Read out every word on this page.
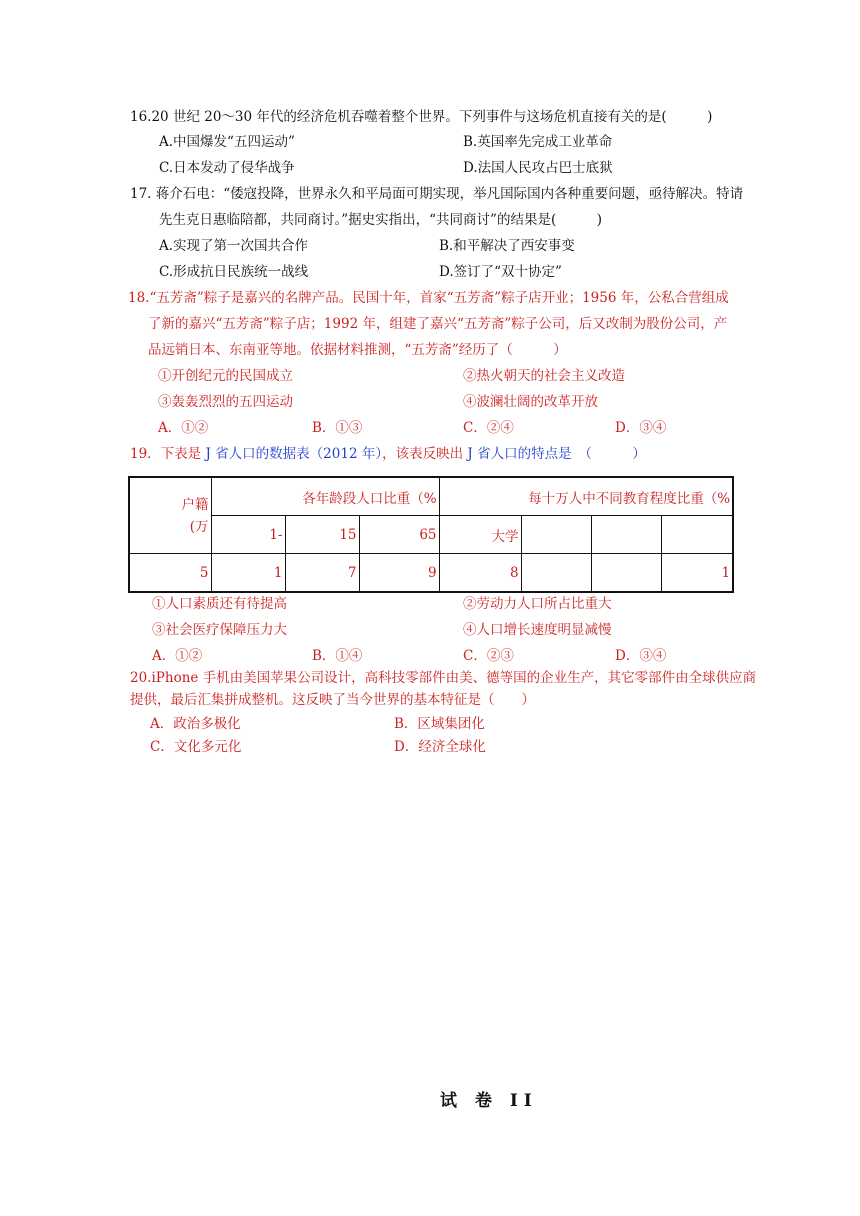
16.20 世纪 20～30 年代的经济危机吞噬着整个世界。下列事件与这场危机直接有关的是(　　　)
A.中国爆发“五四运动”	B.英国率先完成工业革命
C.日本发动了侵华战争	D.法国人民攻占巴士底狱
17. 蒋介石电：“倭寇投降，世界永久和平局面可期实现，举凡国际国内各种重要问题，亟待解决。特请
先生克日惠临陪都，共同商讨。”据史实指出，“共同商讨”的结果是(　　　)
A.实现了第一次国共合作	B.和平解决了西安事变
C.形成抗日民族统一战线	D.签订了“双十协定”
18.“五芳斋”粽子是嘉兴的名牌产品。民国十年，首家“五芳斋”粽子店开业；1956 年，公私合营组成
了新的嘉兴“五芳斋”粽子店；1992 年，组建了嘉兴“五芳斋”粽子公司，后又改制为股份公司，产
品远销日本、东南亚等地。依据材料推测，“五芳斋”经历了（　　　）
①开创纪元的民国成立	②热火朝天的社会主义改造
③轰轰烈烈的五四运动	④波澜壮阔的改革开放
A．①②	B．①③	C．②④	D．③④
19．下表是 J 省人口的数据表（2012 年），该表反映出 J 省人口的特点是　（　　　）
户籍
(万	各年龄段人口比重（%			每十万人中不同教育程度比重（%			
	1-	15	65	大学			
5	1	7	9	8			1
①人口素质还有待提高	②劳动力人口所占比重大
③社会医疗保障压力大	④人口增长速度明显减慢
A．①②	B．①④	C．②③	D．③④
20.iPhone 手机由美国苹果公司设计，高科技零部件由美、德等国的企业生产，其它零部件由全球供应商
提供，最后汇集拼成整机。这反映了当今世界的基本特征是（　　）
A．政治多极化	B．区域集团化
C．文化多元化	D．经济全球化
试 卷 II
